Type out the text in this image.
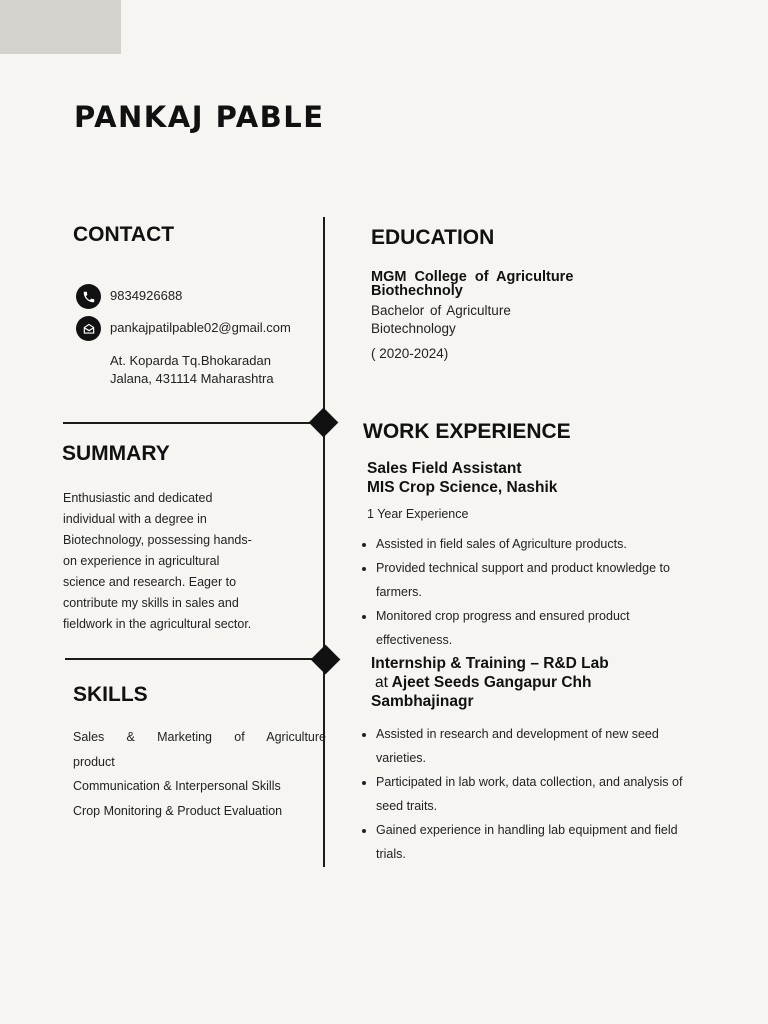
PANKAJ PABLE
CONTACT
9834926688
pankajpatilpable02@gmail.com
At. Koparda Tq.Bhokaradan
Jalana, 431114 Maharashtra
SUMMARY
Enthusiastic and dedicated
individual with a degree in
Biotechnology, possessing hands-
on experience in agricultural
science and research. Eager to
contribute my skills in sales and
fieldwork in the agricultural sector.
SKILLS
Sales & Marketing of Agriculture
product
Communication & Interpersonal Skills
Crop Monitoring & Product Evaluation
EDUCATION
MGM College of Agriculture
Biothechnoly
Bachelor of Agriculture
Biotechnology
( 2020-2024)
WORK EXPERIENCE
Sales Field Assistant
MIS Crop Science, Nashik
1 Year Experience
• Assisted in field sales of Agriculture products.
• Provided technical support and product knowledge to
farmers.
• Monitored crop progress and ensured product
effectiveness.
Internship & Training – R&D Lab
at Ajeet Seeds Gangapur Chh
Sambhajinagr
• Assisted in research and development of new seed
varieties.
• Participated in lab work, data collection, and analysis of
seed traits.
• Gained experience in handling lab equipment and field
trials.
